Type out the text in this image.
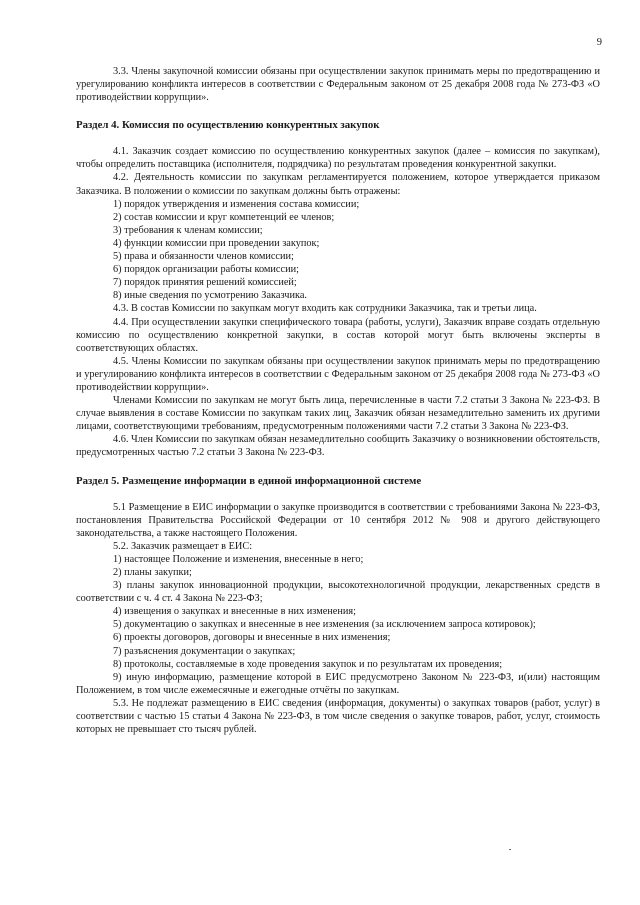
9

3.3. Члены закупочной комиссии обязаны при осуществлении закупок принимать меры по предотвращению и урегулированию конфликта интересов в соответствии с Федеральным законом от 25 декабря 2008 года № 273-ФЗ «О противодействии коррупции».

Раздел 4. Комиссия по осуществлению конкурентных закупок

4.1. Заказчик создает комиссию по осуществлению конкурентных закупок (далее – комиссия по закупкам), чтобы определить поставщика (исполнителя, подрядчика) по результатам проведения конкурентной закупки.

4.2. Деятельность комиссии по закупкам регламентируется положением, которое утверждается приказом Заказчика. В положении о комиссии по закупкам должны быть отражены:

1) порядок утверждения и изменения состава комиссии;

2) состав комиссии и круг компетенций ее членов;

3) требования к членам комиссии;

4) функции комиссии при проведении закупок;

5) права и обязанности членов комиссии;

6) порядок организации работы комиссии;

7) порядок принятия решений комиссией;

8) иные сведения по усмотрению Заказчика.

4.3. В состав Комиссии по закупкам могут входить как сотрудники Заказчика, так и третьи лица.

4.4. При осуществлении закупки специфического товара (работы, услуги), Заказчик вправе создать отдельную комиссию по осуществлению конкретной закупки, в состав которой могут быть включены эксперты в соответствующих областях.

4.5. Члены Комиссии по закупкам обязаны при осуществлении закупок принимать меры по предотвращению и урегулированию конфликта интересов в соответствии с Федеральным законом от 25 декабря 2008 года № 273-ФЗ «О противодействии коррупции».

Членами Комиссии по закупкам не могут быть лица, перечисленные в части 7.2 статьи 3 Закона № 223-ФЗ. В случае выявления в составе Комиссии по закупкам таких лиц, Заказчик обязан незамедлительно заменить их другими лицами, соответствующими требованиям, предусмотренным положениями части 7.2 статьи 3 Закона № 223-ФЗ.

4.6. Член Комиссии по закупкам обязан незамедлительно сообщить Заказчику о возникновении обстоятельств, предусмотренных частью 7.2 статьи 3 Закона № 223-ФЗ.

Раздел 5. Размещение информации в единой информационной системе

5.1 Размещение в ЕИС информации о закупке производится в соответствии с требованиями Закона № 223-ФЗ, постановления Правительства Российской Федерации от 10 сентября 2012 № 908 и другого действующего законодательства, а также настоящего Положения.

5.2. Заказчик размещает в ЕИС:

1) настоящее Положение и изменения, внесенные в него;

2) планы закупки;

3) планы закупок инновационной продукции, высокотехнологичной продукции, лекарственных средств в соответствии с ч. 4 ст. 4 Закона № 223-ФЗ;

4) извещения о закупках и внесенные в них изменения;

5) документацию о закупках и внесенные в нее изменения (за исключением запроса котировок);

6) проекты договоров, договоры и внесенные в них изменения;

7) разъяснения документации о закупках;

8) протоколы, составляемые в ходе проведения закупок и по результатам их проведения;

9) иную информацию, размещение которой в ЕИС предусмотрено Законом № 223-ФЗ, и(или) настоящим Положением, в том числе ежемесячные и ежегодные отчёты по закупкам.

5.3. Не подлежат размещению в ЕИС сведения (информация, документы) о закупках товаров (работ, услуг) в соответствии с частью 15 статьи 4 Закона № 223-ФЗ, в том числе сведения о закупке товаров, работ, услуг, стоимость которых не превышает сто тысяч рублей.
